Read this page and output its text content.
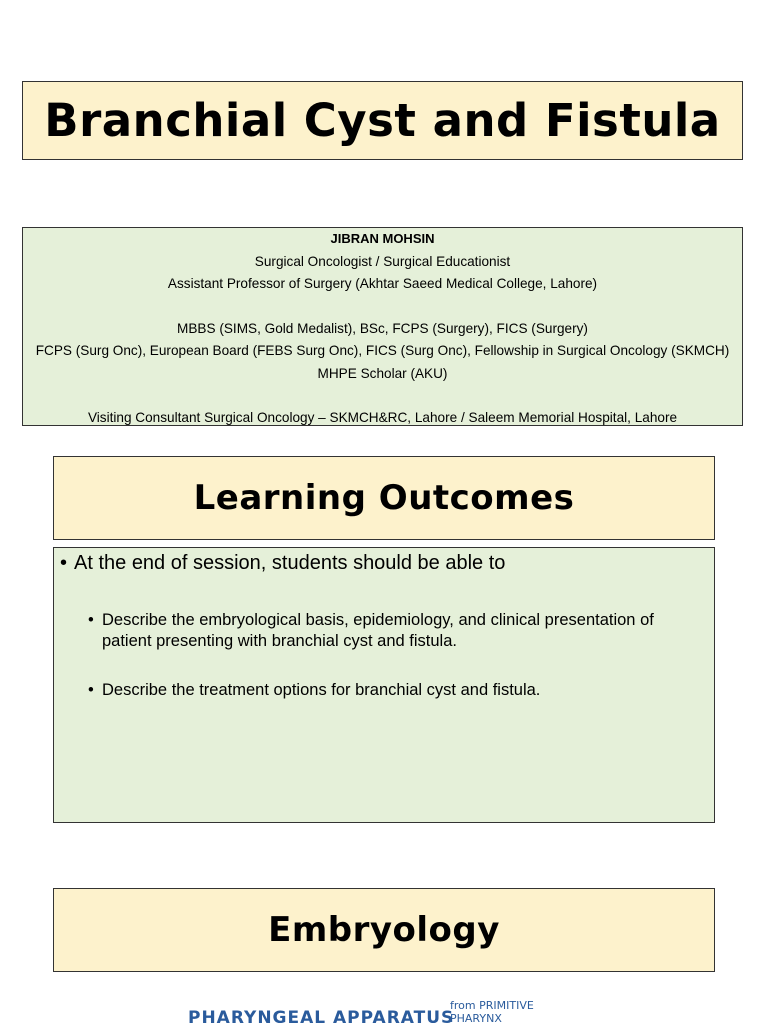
Branchial Cyst and Fistula
JIBRAN MOHSIN
Surgical Oncologist / Surgical Educationist
Assistant Professor of Surgery (Akhtar Saeed Medical College, Lahore)
MBBS (SIMS, Gold Medalist), BSc, FCPS (Surgery), FICS (Surgery)
FCPS (Surg Onc), European Board (FEBS Surg Onc), FICS (Surg Onc), Fellowship in Surgical Oncology (SKMCH)
MHPE Scholar (AKU)
Visiting Consultant Surgical Oncology – SKMCH&RC, Lahore / Saleem Memorial Hospital, Lahore
Learning Outcomes
• At the end of session, students should be able to
• Describe the embryological basis, epidemiology, and clinical presentation of patient presenting with branchial cyst and fistula.
• Describe the treatment options for branchial cyst and fistula.
Embryology
PHARYNGEAL APPARATUS
from PRIMITIVE
PHARYNX
